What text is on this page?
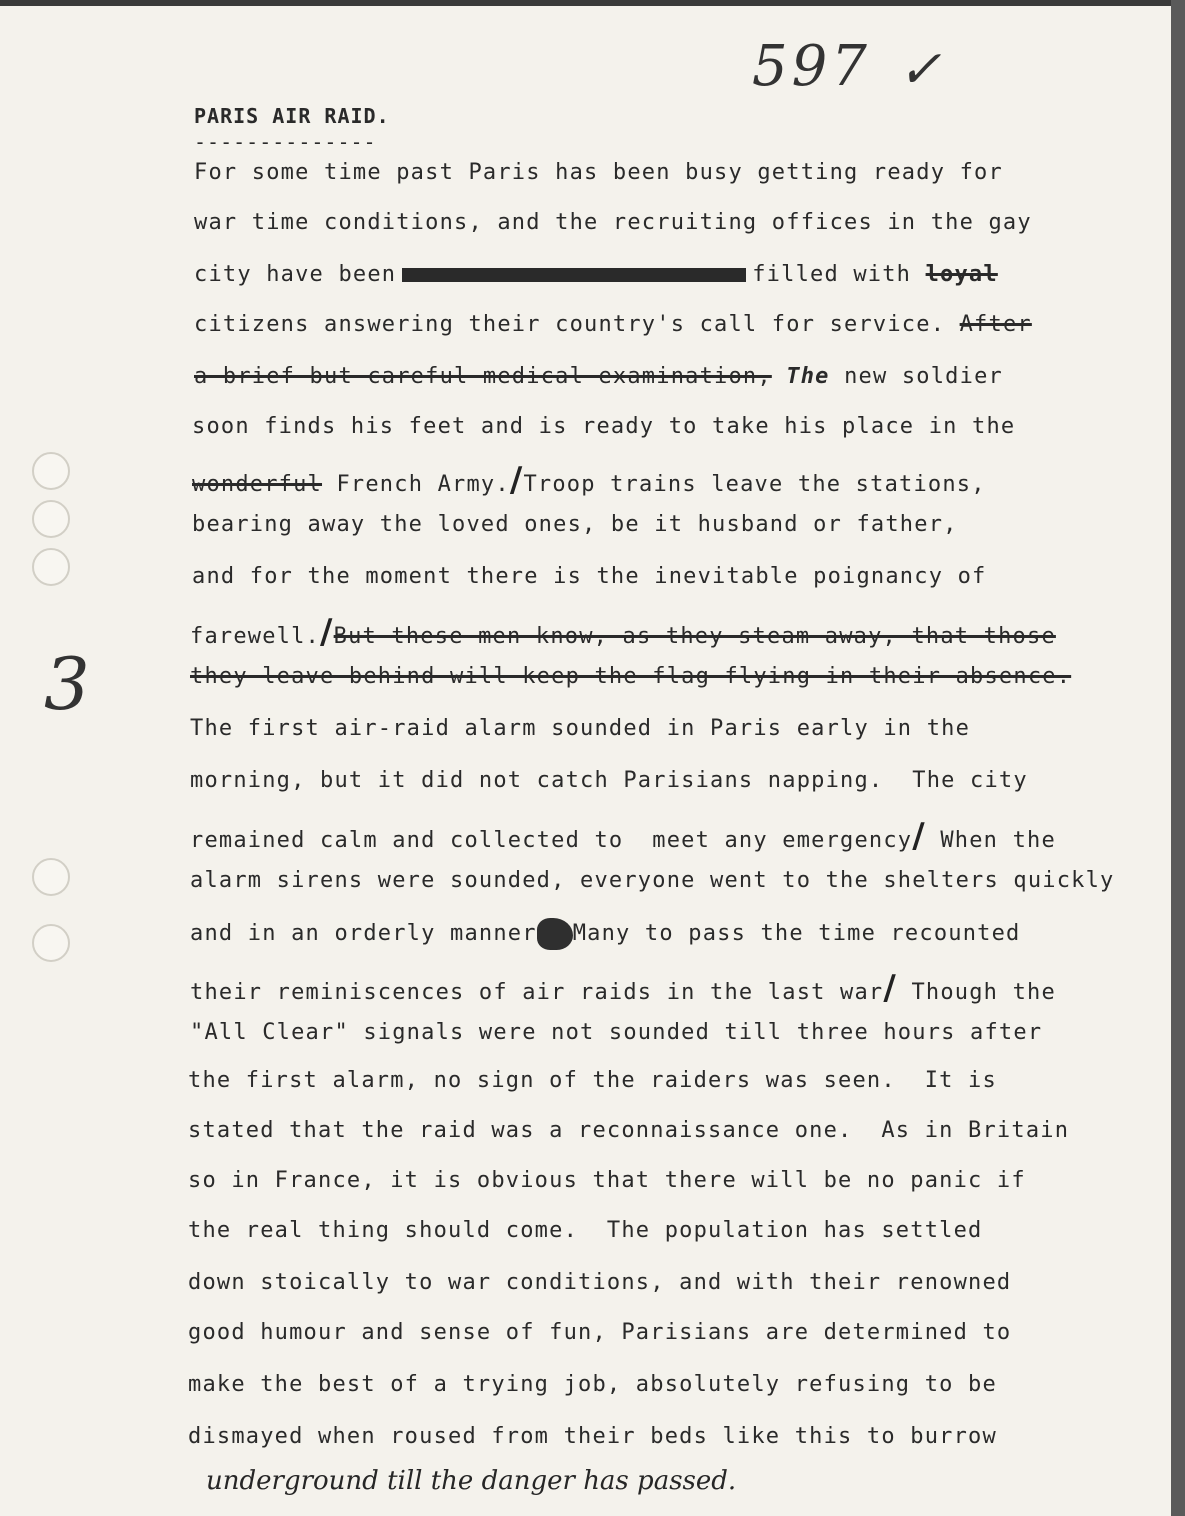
597 ✓
3
PARIS AIR RAID.
--------------
For some time past Paris has been busy getting ready for
war time conditions, and the recruiting offices in the gay
city have been	filled with loyal
citizens answering their country's call for service. After
a brief but careful medical examination, The new soldier
soon finds his feet and is ready to take his place in the
wonderful French Army./Troop trains leave the stations,
bearing away the loved ones, be it husband or father,
and for the moment there is the inevitable poignancy of
farewell./But these men know, as they steam away, that those
they leave behind will keep the flag flying in their absence.
The first air-raid alarm sounded in Paris early in the
morning, but it did not catch Parisians napping.  The city
remained calm and collected to  meet any emergency/ When the
alarm sirens were sounded, everyone went to the shelters quickly
and in an orderly manner Many to pass the time recounted
their reminiscences of air raids in the last war/ Though the
"All Clear" signals were not sounded till three hours after
the first alarm, no sign of the raiders was seen.  It is
stated that the raid was a reconnaissance one.  As in Britain
so in France, it is obvious that there will be no panic if
the real thing should come.  The population has settled
down stoically to war conditions, and with their renowned
good humour and sense of fun, Parisians are determined to
make the best of a trying job, absolutely refusing to be
dismayed when roused from their beds like this to burrow
underground till the danger has passed.
